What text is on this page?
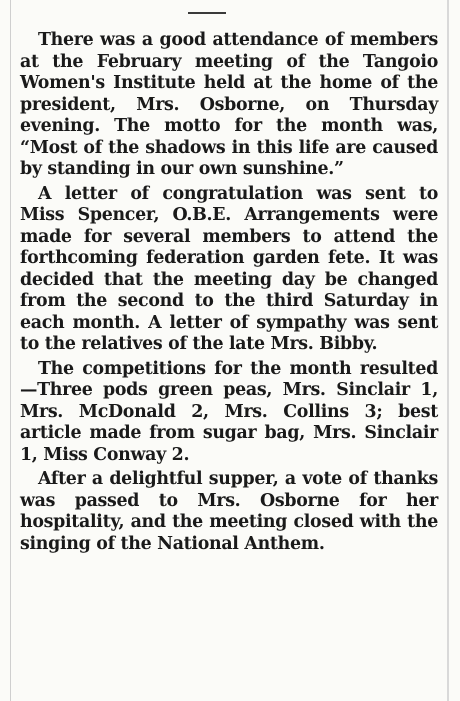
There was a good attendance of members at the February meeting of the Tangoio Women's Institute held at the home of the president, Mrs. Osborne, on Thursday evening. The motto for the month was, “Most of the shadows in this life are caused by standing in our own sunshine.”

A letter of congratulation was sent to Miss Spencer, O.B.E. Arrangements were made for several members to attend the forthcoming federation garden fete. It was decided that the meeting day be changed from the second to the third Saturday in each month. A letter of sympathy was sent to the relatives of the late Mrs. Bibby.

The competitions for the month resulted—Three pods green peas, Mrs. Sinclair 1, Mrs. McDonald 2, Mrs. Collins 3; best article made from sugar bag, Mrs. Sinclair 1, Miss Conway 2.

After a delightful supper, a vote of thanks was passed to Mrs. Osborne for her hospitality, and the meeting closed with the singing of the National Anthem.
